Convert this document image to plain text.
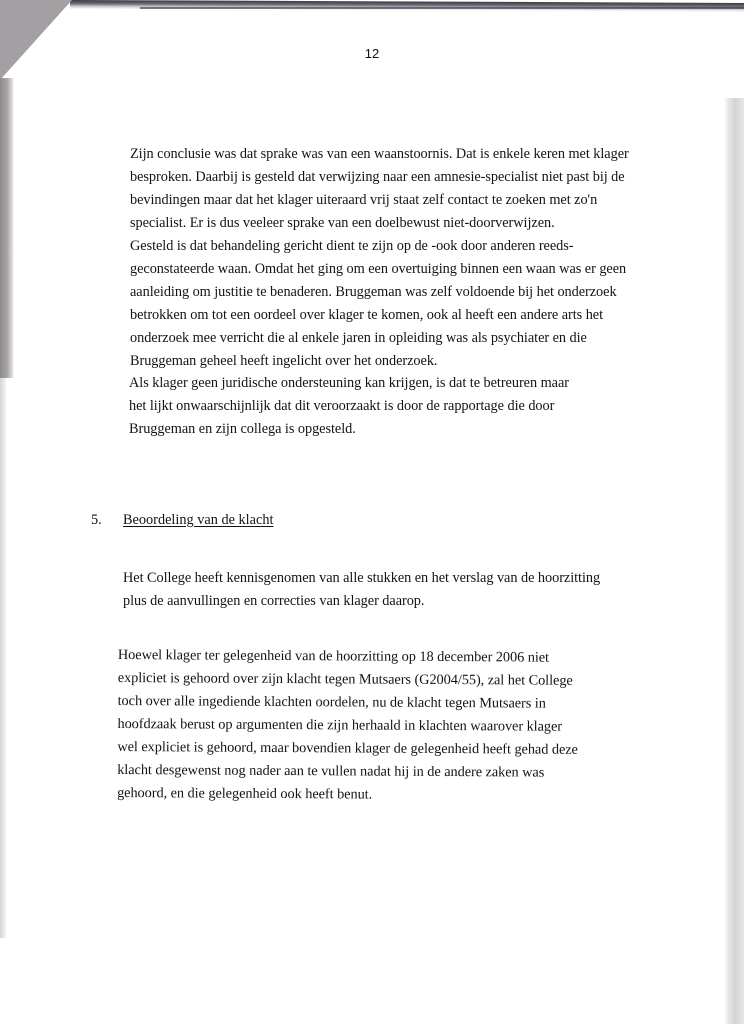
12
Zijn conclusie was dat sprake was van een waanstoornis. Dat is enkele keren met klager
besproken. Daarbij is gesteld dat verwijzing naar een amnesie-specialist niet past bij de
bevindingen maar dat het klager uiteraard vrij staat zelf contact te zoeken met zo'n
specialist. Er is dus veeleer sprake van een doelbewust niet-doorverwijzen.
Gesteld is dat behandeling gericht dient te zijn op de -ook door anderen reeds-
geconstateerde waan. Omdat het ging om een overtuiging binnen een waan was er geen
aanleiding om justitie te benaderen. Bruggeman was zelf voldoende bij het onderzoek
betrokken om tot een oordeel over klager te komen, ook al heeft een andere arts het
onderzoek mee verricht die al enkele jaren in opleiding was als psychiater en die
Bruggeman geheel heeft ingelicht over het onderzoek.
Als klager geen juridische ondersteuning kan krijgen, is dat te betreuren maar
het lijkt onwaarschijnlijk dat dit veroorzaakt is door de rapportage die door
Bruggeman en zijn collega is opgesteld.
5. Beoordeling van de klacht
Het College heeft kennisgenomen van alle stukken en het verslag van de hoorzitting
plus de aanvullingen en correcties van klager daarop.
Hoewel klager ter gelegenheid van de hoorzitting op 18 december 2006 niet
expliciet is gehoord over zijn klacht tegen Mutsaers (G2004/55), zal het College
toch over alle ingediende klachten oordelen, nu de klacht tegen Mutsaers in
hoofdzaak berust op argumenten die zijn herhaald in klachten waarover klager
wel expliciet is gehoord, maar bovendien klager de gelegenheid heeft gehad deze
klacht desgewenst nog nader aan te vullen nadat hij in de andere zaken was
gehoord, en die gelegenheid ook heeft benut.
